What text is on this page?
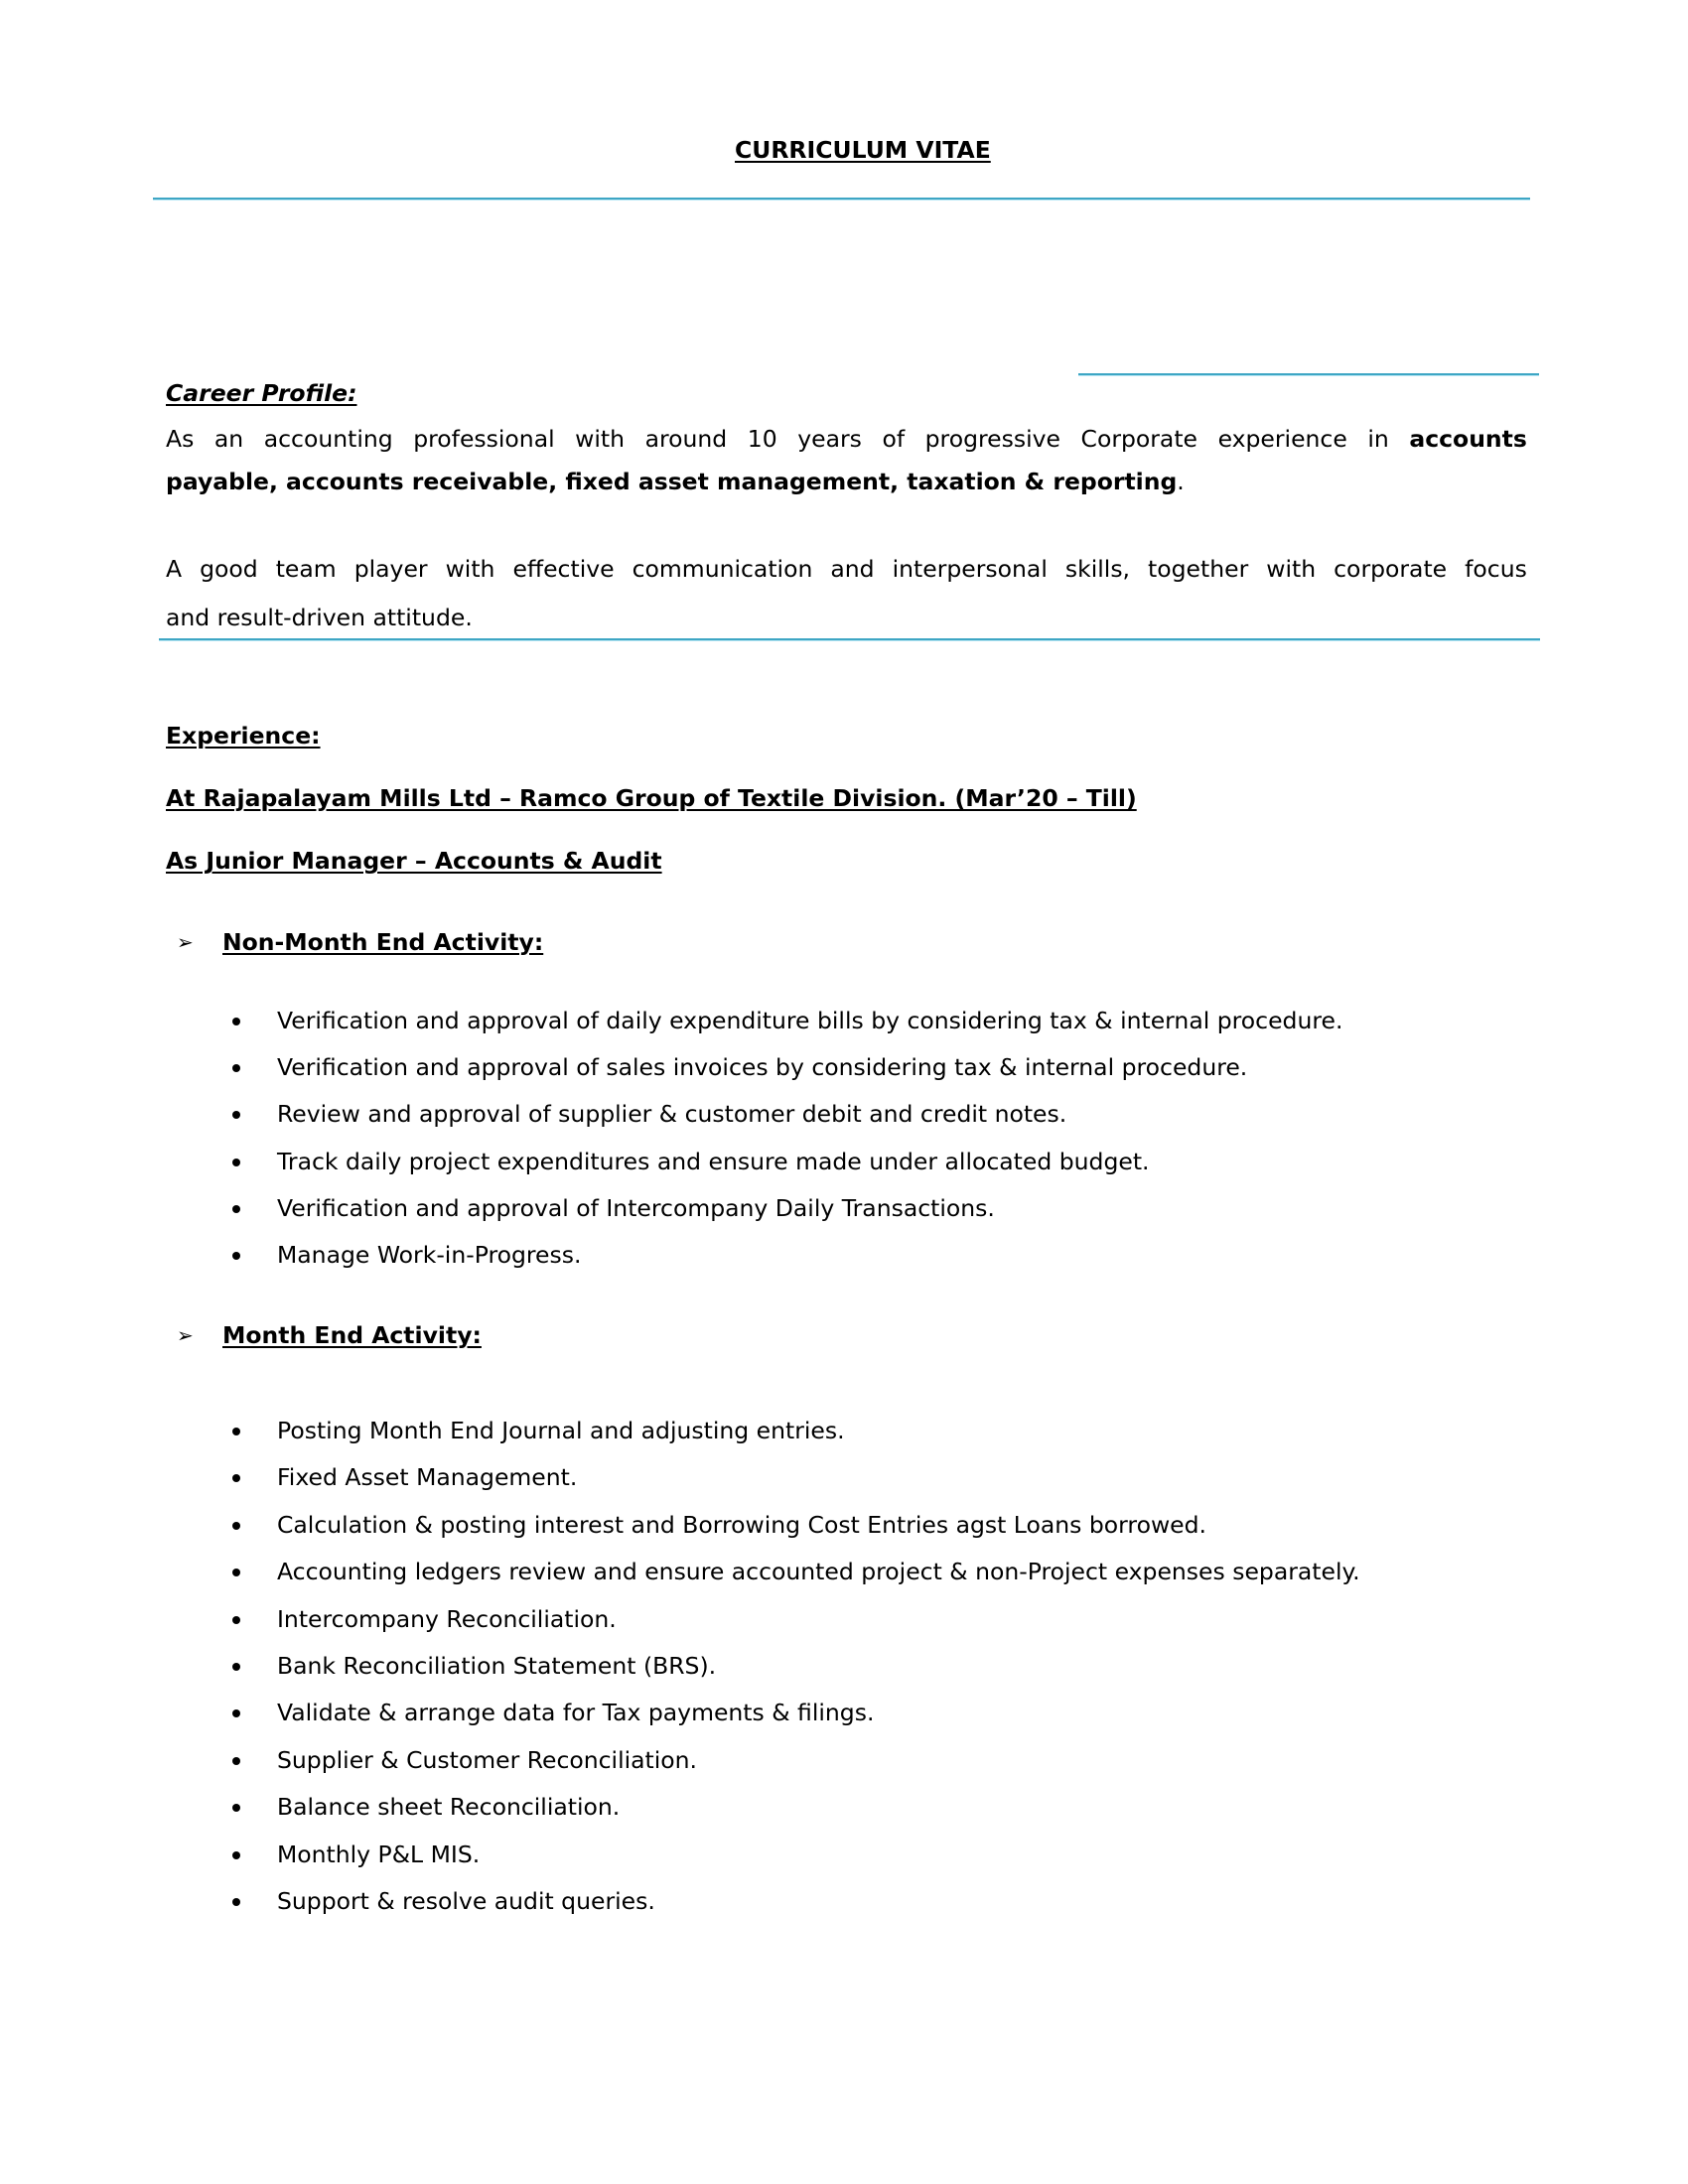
CURRICULUM VITAE
Career Profile:
As an accounting professional with around 10 years of progressive Corporate experience in accounts
payable, accounts receivable, fixed asset management, taxation & reporting.
A good team player with effective communication and interpersonal skills, together with corporate focus
and result-driven attitude.
Experience:
At Rajapalayam Mills Ltd – Ramco Group of Textile Division. (Mar’20 – Till)
As Junior Manager – Accounts & Audit
➢ Non-Month End Activity:
Verification and approval of daily expenditure bills by considering tax & internal procedure.
Verification and approval of sales invoices by considering tax & internal procedure.
Review and approval of supplier & customer debit and credit notes.
Track daily project expenditures and ensure made under allocated budget.
Verification and approval of Intercompany Daily Transactions.
Manage Work-in-Progress.
➢ Month End Activity:
Posting Month End Journal and adjusting entries.
Fixed Asset Management.
Calculation & posting interest and Borrowing Cost Entries agst Loans borrowed.
Accounting ledgers review and ensure accounted project & non-Project expenses separately.
Intercompany Reconciliation.
Bank Reconciliation Statement (BRS).
Validate & arrange data for Tax payments & filings.
Supplier & Customer Reconciliation.
Balance sheet Reconciliation.
Monthly P&L MIS.
Support & resolve audit queries.
